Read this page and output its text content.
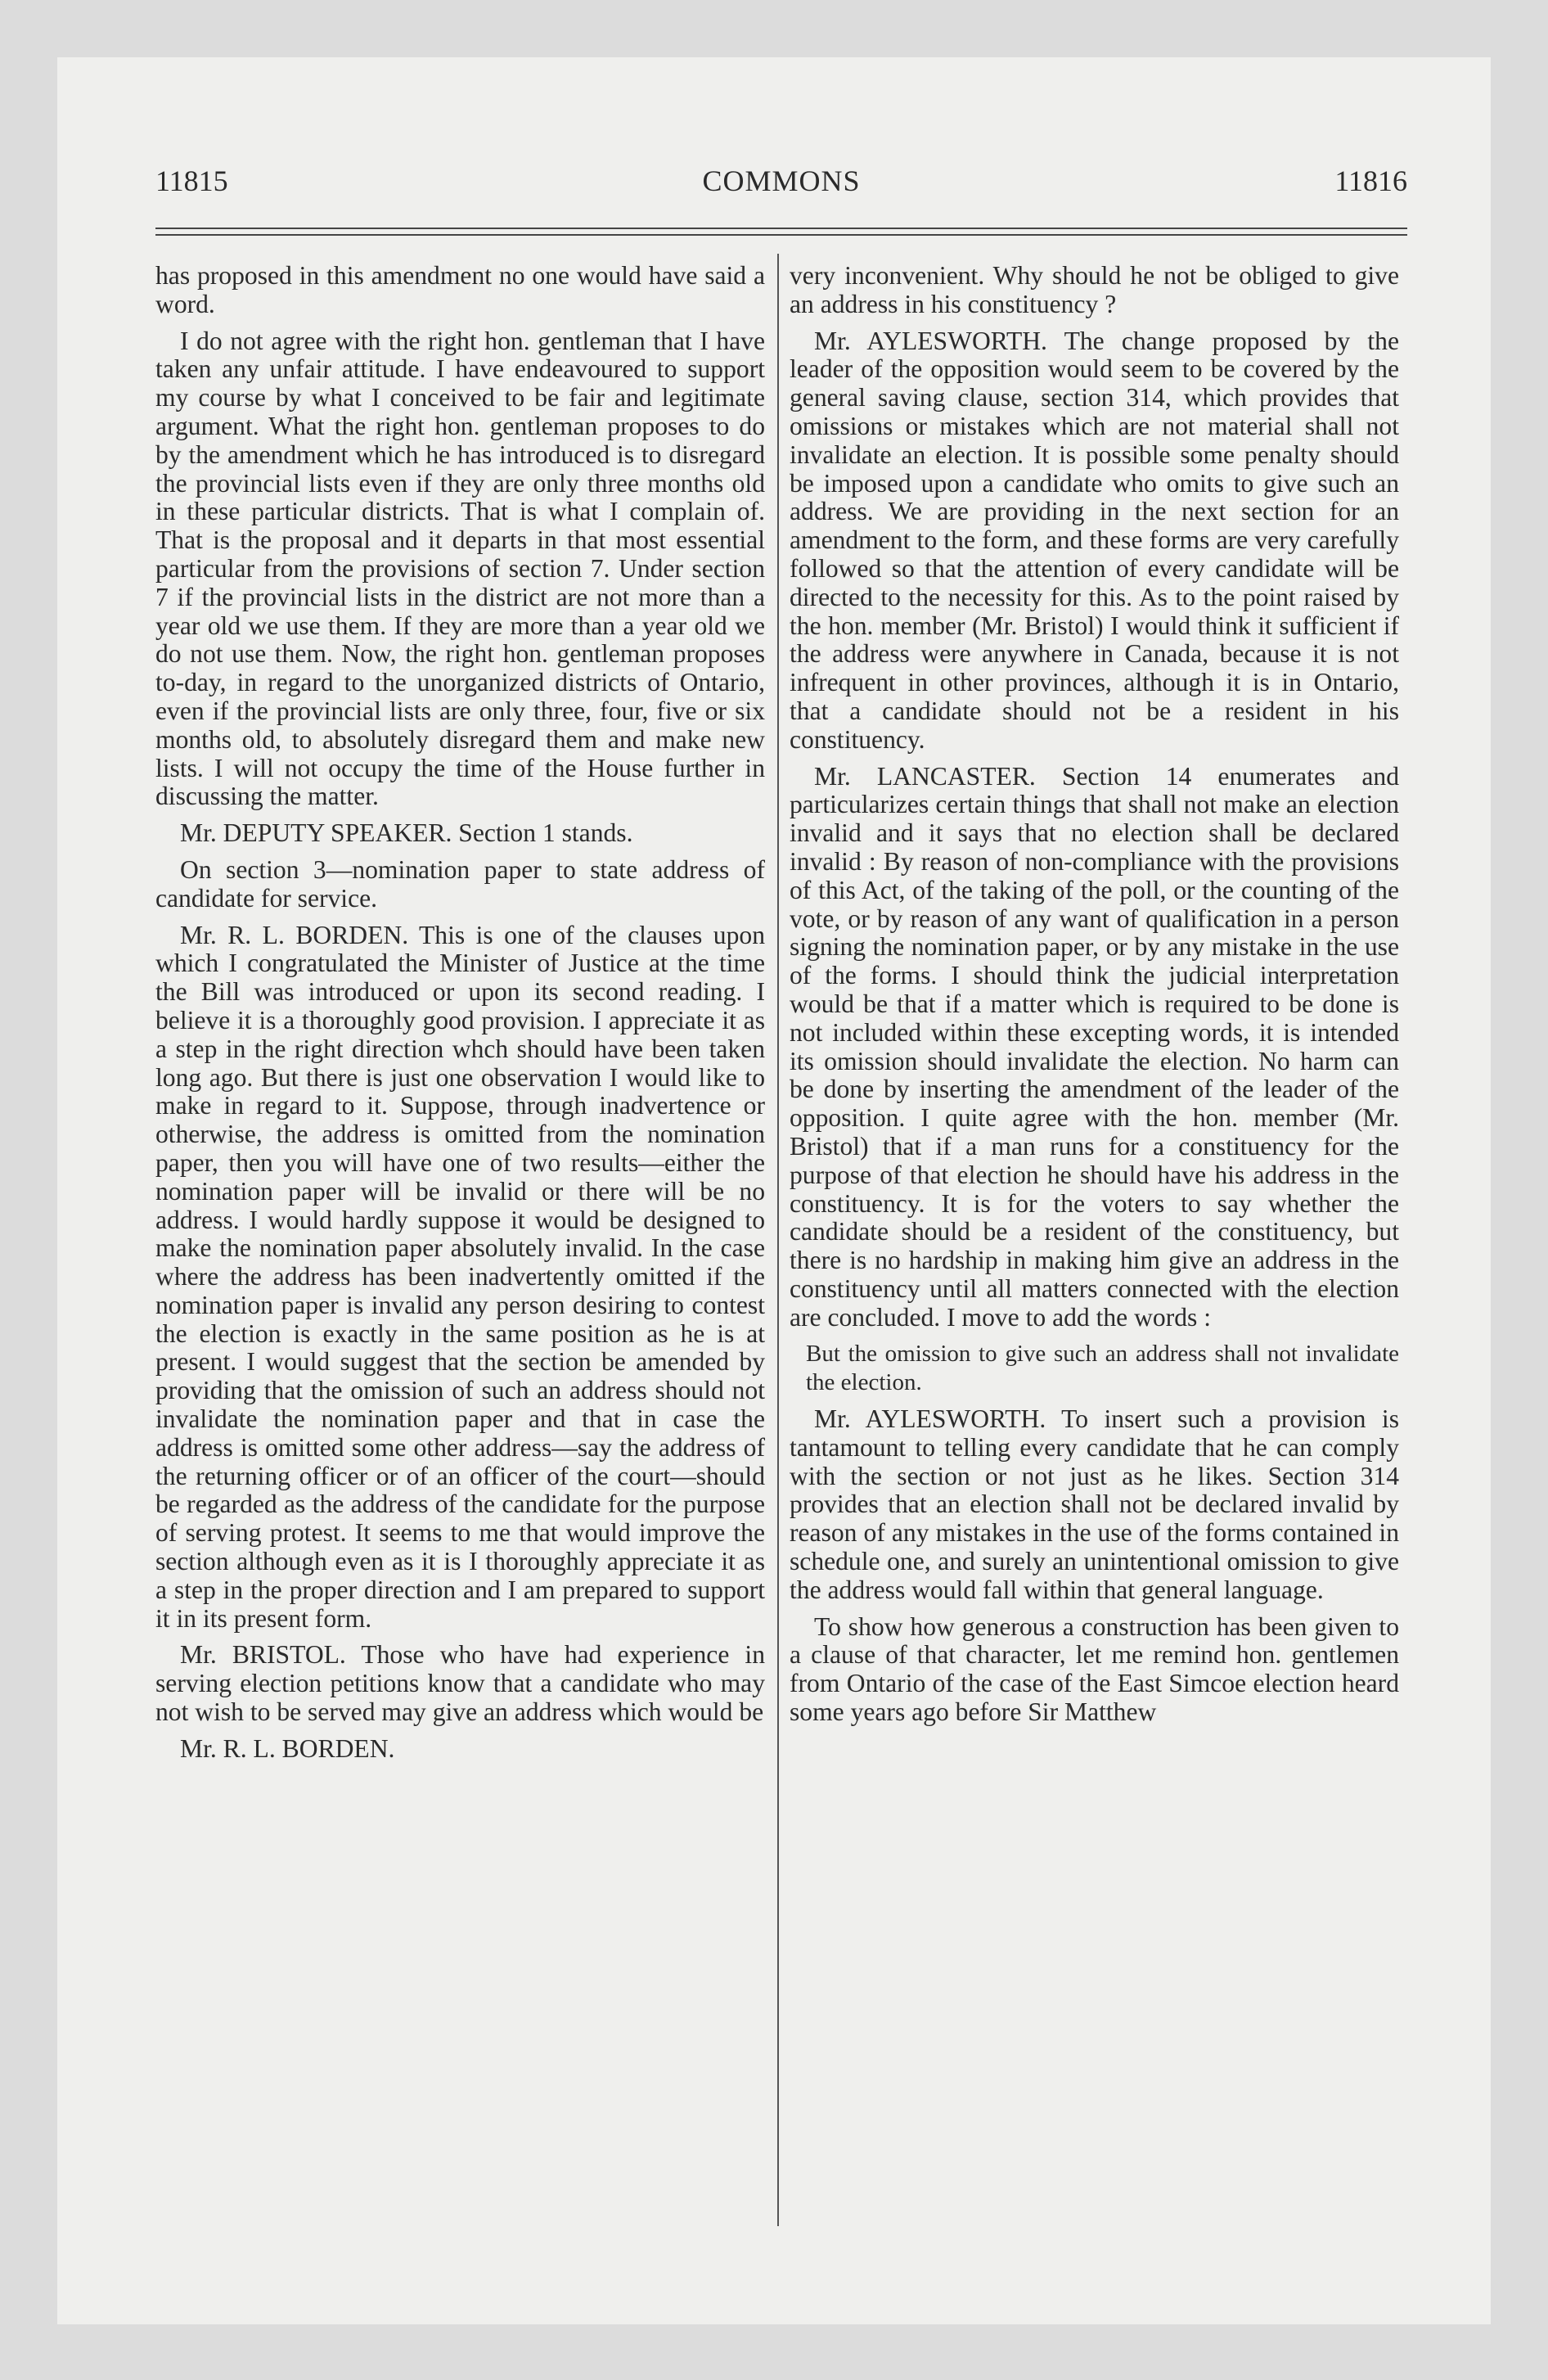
11815	COMMONS	11816

has proposed in this amendment no one would have said a word.

I do not agree with the right hon. gentleman that I have taken any unfair attitude. I have endeavoured to support my course by what I conceived to be fair and legitimate argument. What the right hon. gentleman proposes to do by the amendment which he has introduced is to disregard the provincial lists even if they are only three months old in these particular districts. That is what I complain of. That is the proposal and it departs in that most essential particular from the provisions of section 7. Under section 7 if the provincial lists in the district are not more than a year old we use them. If they are more than a year old we do not use them. Now, the right hon. gentleman proposes to-day, in regard to the unorganized districts of Ontario, even if the provincial lists are only three, four, five or six months old, to absolutely disregard them and make new lists. I will not occupy the time of the House further in discussing the matter.

Mr. DEPUTY SPEAKER. Section 1 stands.

On section 3—nomination paper to state address of candidate for service.

Mr. R. L. BORDEN. This is one of the clauses upon which I congratulated the Minister of Justice at the time the Bill was introduced or upon its second reading. I believe it is a thoroughly good provision. I appreciate it as a step in the right direction whch should have been taken long ago. But there is just one observation I would like to make in regard to it. Suppose, through inadvertence or otherwise, the address is omitted from the nomination paper, then you will have one of two results—either the nomination paper will be invalid or there will be no address. I would hardly suppose it would be designed to make the nomination paper absolutely invalid. In the case where the address has been inadvertently omitted if the nomination paper is invalid any person desiring to contest the election is exactly in the same position as he is at present. I would suggest that the section be amended by providing that the omission of such an address should not invalidate the nomination paper and that in case the address is omitted some other address—say the address of the returning officer or of an officer of the court—should be regarded as the address of the candidate for the purpose of serving protest. It seems to me that would improve the section although even as it is I thoroughly appreciate it as a step in the proper direction and I am prepared to support it in its present form.

Mr. BRISTOL. Those who have had experience in serving election petitions know that a candidate who may not wish to be served may give an address which would be

Mr. R. L. BORDEN.

very inconvenient. Why should he not be obliged to give an address in his constituency ?

Mr. AYLESWORTH. The change proposed by the leader of the opposition would seem to be covered by the general saving clause, section 314, which provides that omissions or mistakes which are not material shall not invalidate an election. It is possible some penalty should be imposed upon a candidate who omits to give such an address. We are providing in the next section for an amendment to the form, and these forms are very carefully followed so that the attention of every candidate will be directed to the necessity for this. As to the point raised by the hon. member (Mr. Bristol) I would think it sufficient if the address were anywhere in Canada, because it is not infrequent in other provinces, although it is in Ontario, that a candidate should not be a resident in his constituency.

Mr. LANCASTER. Section 14 enumerates and particularizes certain things that shall not make an election invalid and it says that no election shall be declared invalid : By reason of non-compliance with the provisions of this Act, of the taking of the poll, or the counting of the vote, or by reason of any want of qualification in a person signing the nomination paper, or by any mistake in the use of the forms. I should think the judicial interpretation would be that if a matter which is required to be done is not included within these excepting words, it is intended its omission should invalidate the election. No harm can be done by inserting the amendment of the leader of the opposition. I quite agree with the hon. member (Mr. Bristol) that if a man runs for a constituency for the purpose of that election he should have his address in the constituency. It is for the voters to say whether the candidate should be a resident of the constituency, but there is no hardship in making him give an address in the constituency until all matters connected with the election are concluded. I move to add the words :

But the omission to give such an address shall not invalidate the election.

Mr. AYLESWORTH. To insert such a provision is tantamount to telling every candidate that he can comply with the section or not just as he likes. Section 314 provides that an election shall not be declared invalid by reason of any mistakes in the use of the forms contained in schedule one, and surely an unintentional omission to give the address would fall within that general language.

To show how generous a construction has been given to a clause of that character, let me remind hon. gentlemen from Ontario of the case of the East Simcoe election heard some years ago before Sir Matthew
